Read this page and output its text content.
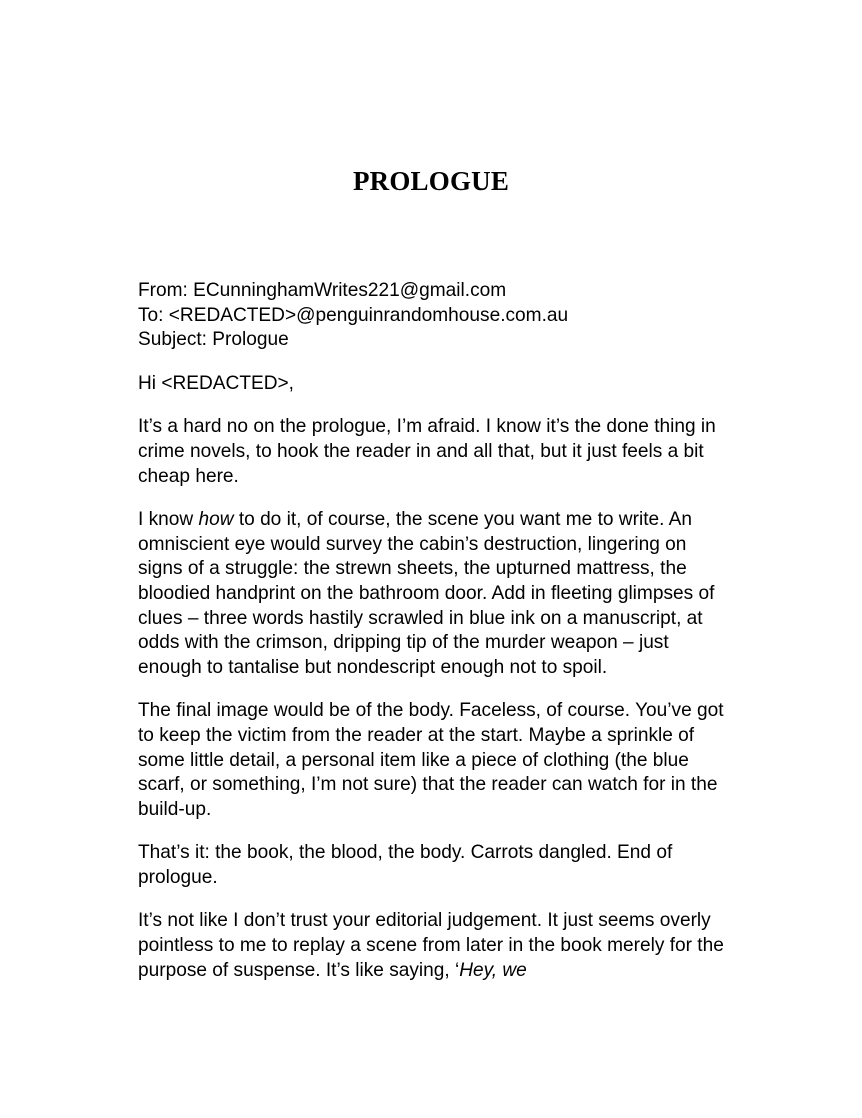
PROLOGUE

From: ECunninghamWrites221@gmail.com

To: <REDACTED>@penguinrandomhouse.com.au

Subject: Prologue

Hi <REDACTED>,

It’s a hard no on the prologue, I’m afraid. I know it’s the done thing in crime novels, to hook the reader in and all that, but it just feels a bit cheap here.

I know how to do it, of course, the scene you want me to write. An omniscient eye would survey the cabin’s destruction, lingering on signs of a struggle: the strewn sheets, the upturned mattress, the bloodied handprint on the bathroom door. Add in fleeting glimpses of clues – three words hastily scrawled in blue ink on a manuscript, at odds with the crimson, dripping tip of the murder weapon – just enough to tantalise but nondescript enough not to spoil.

The final image would be of the body. Faceless, of course. You’ve got to keep the victim from the reader at the start. Maybe a sprinkle of some little detail, a personal item like a piece of clothing (the blue scarf, or something, I’m not sure) that the reader can watch for in the build-up.

That’s it: the book, the blood, the body. Carrots dangled. End of prologue.

It’s not like I don’t trust your editorial judgement. It just seems overly pointless to me to replay a scene from later in the book merely for the purpose of suspense. It’s like saying, ‘Hey, we
